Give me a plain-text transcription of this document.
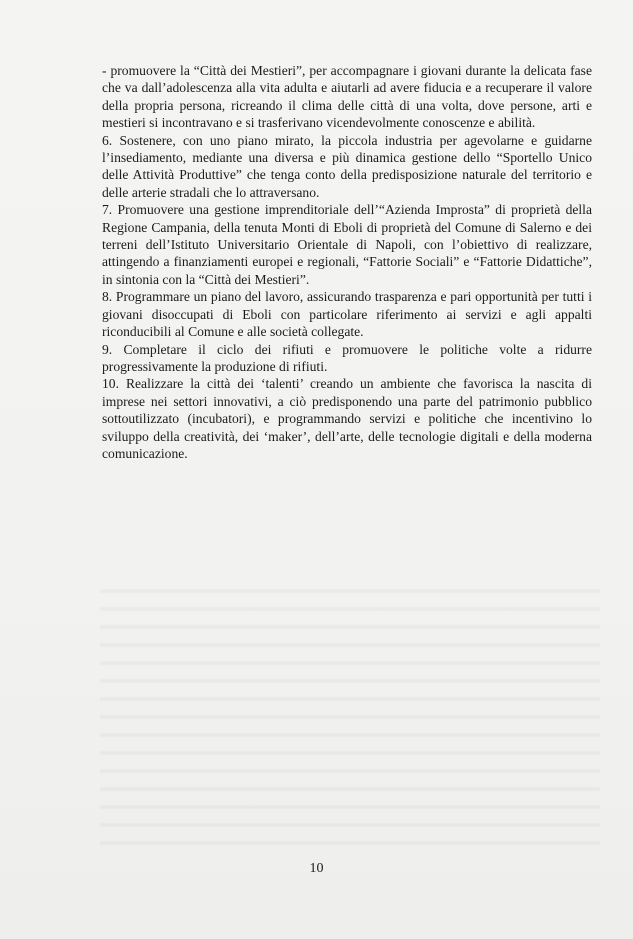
- promuovere la “Città dei Mestieri”, per accompagnare i giovani durante la delicata fase che va dall’adolescenza alla vita adulta e aiutarli ad avere fiducia e a recuperare il valore della propria persona, ricreando il clima delle città di una volta, dove persone, arti e mestieri si incontravano e si trasferivano vicendevolmente conoscenze e abilità.

6. Sostenere, con uno piano mirato, la piccola industria per agevolarne e guidarne l’insediamento, mediante una diversa e più dinamica gestione dello “Sportello Unico delle Attività Produttive” che tenga conto della predisposizione naturale del territorio e delle arterie stradali che lo attraversano.

7. Promuovere una gestione imprenditoriale dell’“Azienda Improsta” di proprietà della Regione Campania, della tenuta Monti di Eboli di proprietà del Comune di Salerno e dei terreni dell’Istituto Universitario Orientale di Napoli, con l’obiettivo di realizzare, attingendo a finanziamenti europei e regionali, “Fattorie Sociali” e “Fattorie Didattiche”, in sintonia con la “Città dei Mestieri”.

8. Programmare un piano del lavoro, assicurando trasparenza e pari opportunità per tutti i giovani disoccupati di Eboli con particolare riferimento ai servizi e agli appalti riconducibili al Comune e alle società collegate.

9. Completare il ciclo dei rifiuti e promuovere le politiche volte a ridurre progressivamente la produzione di rifiuti.

10. Realizzare la città dei ‘talenti’ creando un ambiente che favorisca la nascita di imprese nei settori innovativi, a ciò predisponendo una parte del patrimonio pubblico sottoutilizzato (incubatori), e programmando servizi e politiche che incentivino lo sviluppo della creatività, dei ‘maker’, dell’arte, delle tecnologie digitali e della moderna comunicazione.

10
